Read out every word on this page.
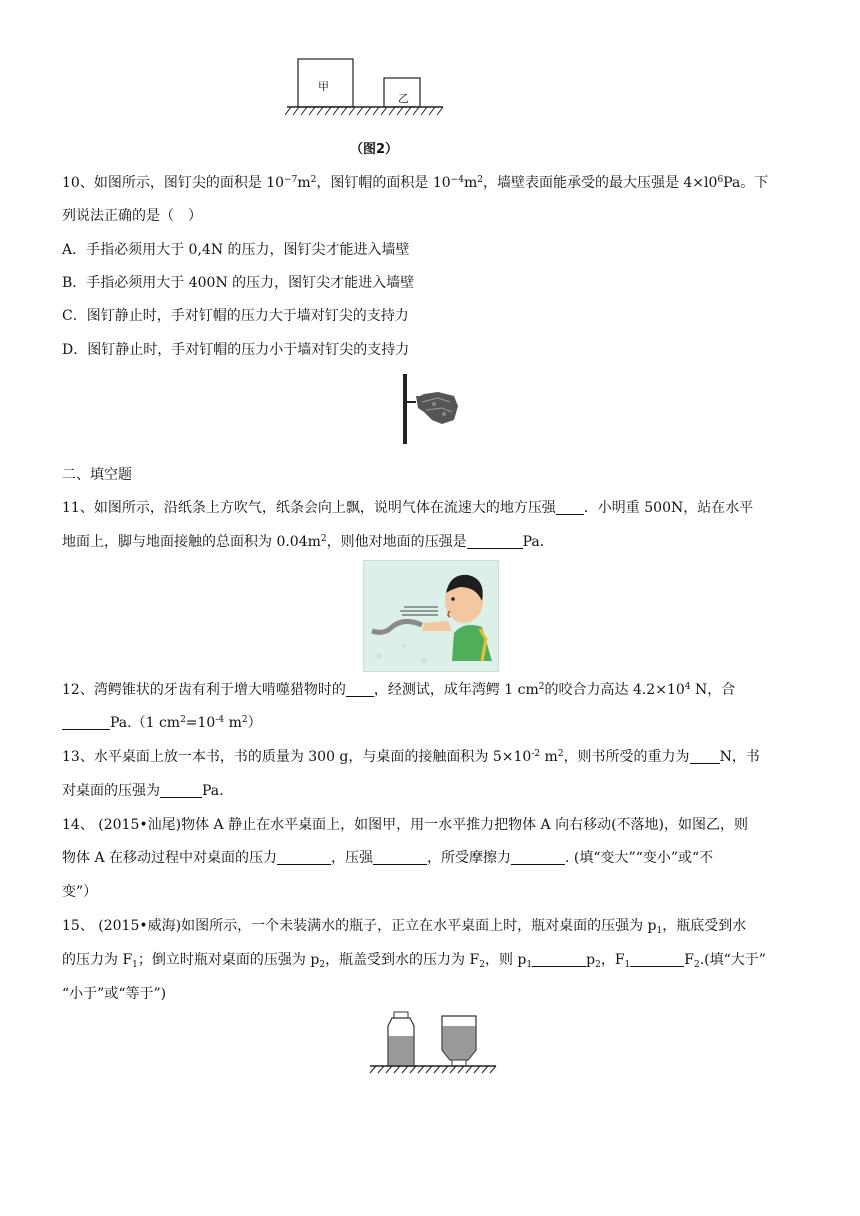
甲
乙
（图2）
10、如图所示，图钉尖的面积是 $10^{-7}m^2$，图钉帽的面积是 $10^{-4}m^2$，墙壁表面能承受的最大压强是 $4\times l0^6Pa$。下
列说法正确的是（　）
A．手指必须用大于 0,4N 的压力，图钉尖才能进入墙壁
B．手指必须用大于 400N 的压力，图钉尖才能进入墙壁
C．图钉静止时，手对钉帽的压力大于墙对钉尖的支持力
D．图钉静止时，手对钉帽的压力小于墙对钉尖的支持力
二、填空题
11、如图所示，沿纸条上方吹气，纸条会向上飘，说明气体在流速大的地方压强 ．小明重 500N，站在水平
地面上，脚与地面接触的总面积为 $0.04m^2$，则他对地面的压强是	Pa．
12、湾鳄锥状的牙齿有利于增大啃噬猎物时的 ，经测试，成年湾鳄 1 $cm^2$的咬合力高达 $4.2\times 10^4$ N，合
Pa.（1 $cm^2=10^{-4}$ $m^2$）
13、水平桌面上放一本书，书的质量为 300 g，与桌面的接触面积为 $5\times 10^{-2}$ $m^2$，则书所受的重力为 N，书
对桌面的压强为	Pa.
14、 (2015•汕尾)物体 A 静止在水平桌面上，如图甲，用一水平推力把物体 A 向右移动(不落地)，如图乙，则
物体 A 在移动过程中对桌面的压力	，压强	，所受摩擦力	. (填“变大”“变小”或“不
变”）
15、 (2015•威海)如图所示，一个未装满水的瓶子，正立在水平桌面上时，瓶对桌面的压强为 $p_1$，瓶底受到水
的压力为 $F_1$；倒立时瓶对桌面的压强为 $p_2$，瓶盖受到水的压力为 $F_2$，则 $p_1$	$p_2$，$F_1$	$F_2$.(填“大于”
“小于”或“等于”)
